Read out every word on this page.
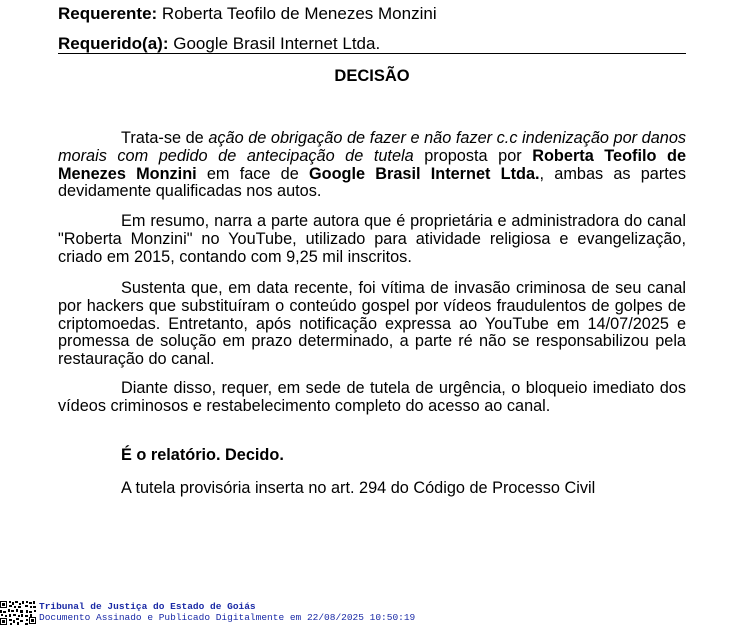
Requerente: Roberta Teofilo de Menezes Monzini
Requerido(a): Google Brasil Internet Ltda.
DECISÃO

Trata-se de ação de obrigação de fazer e não fazer c.c indenização por danos morais com pedido de antecipação de tutela proposta por Roberta Teofilo de Menezes Monzini em face de Google Brasil Internet Ltda., ambas as partes devidamente qualificadas nos autos.

Em resumo, narra a parte autora que é proprietária e administradora do canal "Roberta Monzini" no YouTube, utilizado para atividade religiosa e evangelização, criado em 2015, contando com 9,25 mil inscritos.

Sustenta que, em data recente, foi vítima de invasão criminosa de seu canal por hackers que substituíram o conteúdo gospel por vídeos fraudulentos de golpes de criptomoedas. Entretanto, após notificação expressa ao YouTube em 14/07/2025 e promessa de solução em prazo determinado, a parte ré não se responsabilizou pela restauração do canal.

Diante disso, requer, em sede de tutela de urgência, o bloqueio imediato dos vídeos criminosos e restabelecimento completo do acesso ao canal.

É o relatório. Decido.

A tutela provisória inserta no art. 294 do Código de Processo Civil

Tribunal de Justiça do Estado de Goiás
Documento Assinado e Publicado Digitalmente em 22/08/2025 10:50:19
